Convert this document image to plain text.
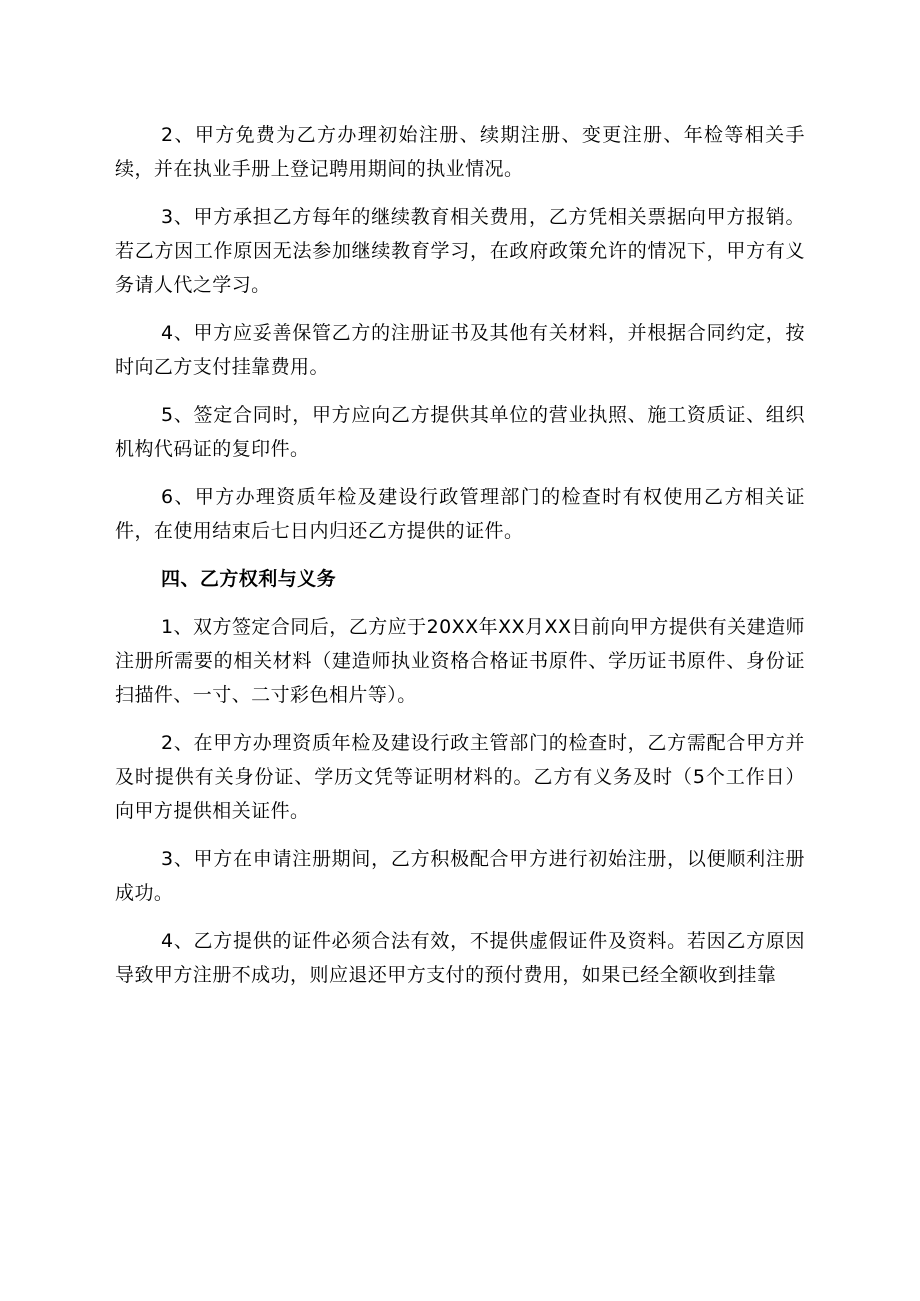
2、甲方免费为乙方办理初始注册、续期注册、变更注册、年检等相关手续，并在执业手册上登记聘用期间的执业情况。

3、甲方承担乙方每年的继续教育相关费用，乙方凭相关票据向甲方报销。若乙方因工作原因无法参加继续教育学习，在政府政策允许的情况下，甲方有义务请人代之学习。

4、甲方应妥善保管乙方的注册证书及其他有关材料，并根据合同约定，按时向乙方支付挂靠费用。

5、签定合同时，甲方应向乙方提供其单位的营业执照、施工资质证、组织机构代码证的复印件。

6、甲方办理资质年检及建设行政管理部门的检查时有权使用乙方相关证件，在使用结束后七日内归还乙方提供的证件。

四、乙方权利与义务

1、双方签定合同后，乙方应于20XX年XX月XX日前向甲方提供有关建造师注册所需要的相关材料（建造师执业资格合格证书原件、学历证书原件、身份证扫描件、一寸、二寸彩色相片等）。

2、在甲方办理资质年检及建设行政主管部门的检查时，乙方需配合甲方并及时提供有关身份证、学历文凭等证明材料的。乙方有义务及时（5个工作日）向甲方提供相关证件。

3、甲方在申请注册期间，乙方积极配合甲方进行初始注册，以便顺利注册成功。

4、乙方提供的证件必须合法有效，不提供虚假证件及资料。若因乙方原因导致甲方注册不成功，则应退还甲方支付的预付费用，如果已经全额收到挂靠
